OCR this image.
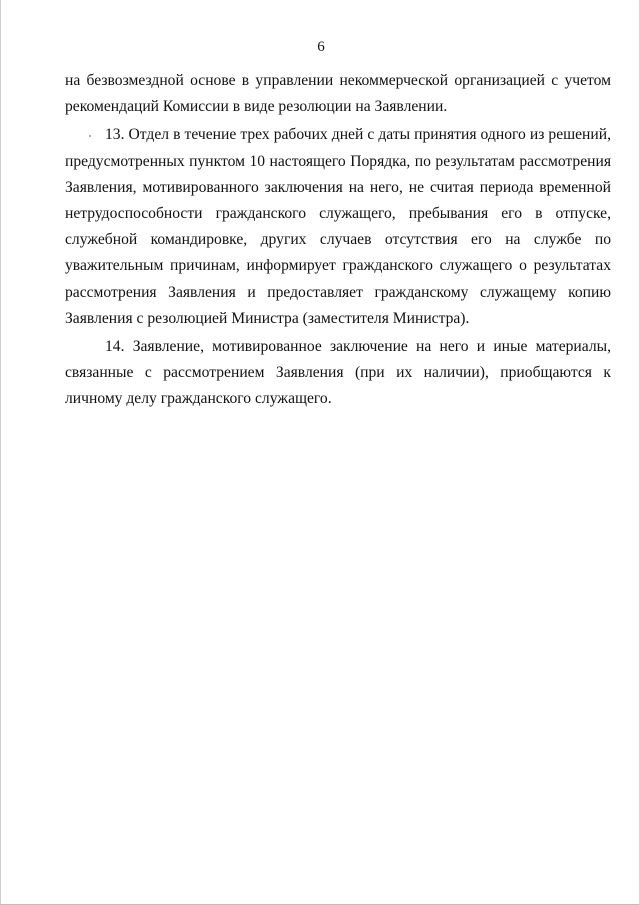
6

на безвозмездной основе в управлении некоммерческой организацией с учетом рекомендаций Комиссии в виде резолюции на Заявлении.

13. Отдел в течение трех рабочих дней с даты принятия одного из решений, предусмотренных пунктом 10 настоящего Порядка, по результатам рассмотрения Заявления, мотивированного заключения на него, не считая периода временной нетрудоспособности гражданского служащего, пребывания его в отпуске, служебной командировке, других случаев отсутствия его на службе по уважительным причинам, информирует гражданского служащего о результатах рассмотрения Заявления и предоставляет гражданскому служащему копию Заявления с резолюцией Министра (заместителя Министра).

14. Заявление, мотивированное заключение на него и иные материалы, связанные с рассмотрением Заявления (при их наличии), приобщаются к личному делу гражданского служащего.
